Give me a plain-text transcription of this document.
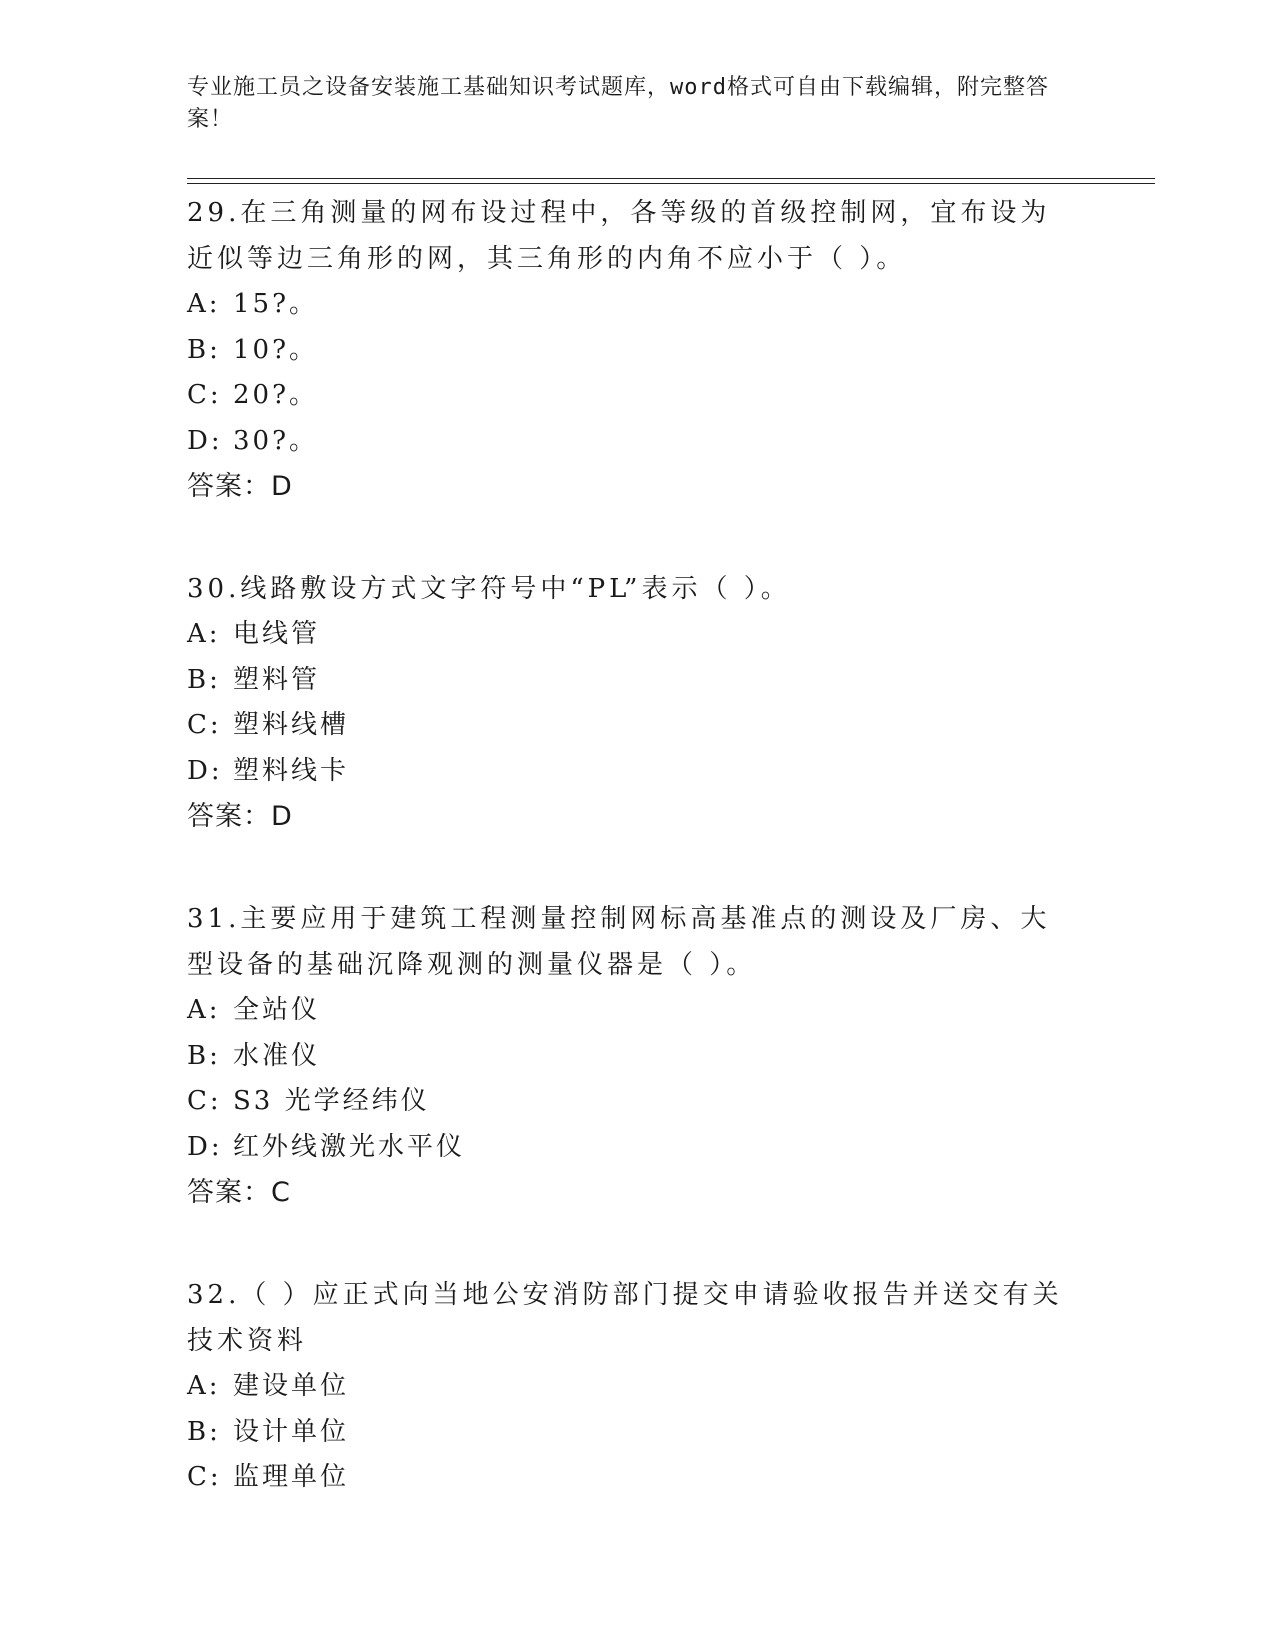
专业施工员之设备安装施工基础知识考试题库，word格式可自由下载编辑，附完整答案！
29.在三角测量的网布设过程中，各等级的首级控制网，宜布设为近似等边三角形的网，其三角形的内角不应小于（ ）。
A: 15?。
B: 10?。
C: 20?。
D: 30?。
答案：D
30.线路敷设方式文字符号中“PL”表示（ ）。
A: 电线管
B: 塑料管
C: 塑料线槽
D: 塑料线卡
答案：D
31.主要应用于建筑工程测量控制网标高基准点的测设及厂房、大型设备的基础沉降观测的测量仪器是（ ）。
A: 全站仪
B: 水准仪
C: S3 光学经纬仪
D: 红外线激光水平仪
答案：C
32.（ ）应正式向当地公安消防部门提交申请验收报告并送交有关技术资料
A: 建设单位
B: 设计单位
C: 监理单位
